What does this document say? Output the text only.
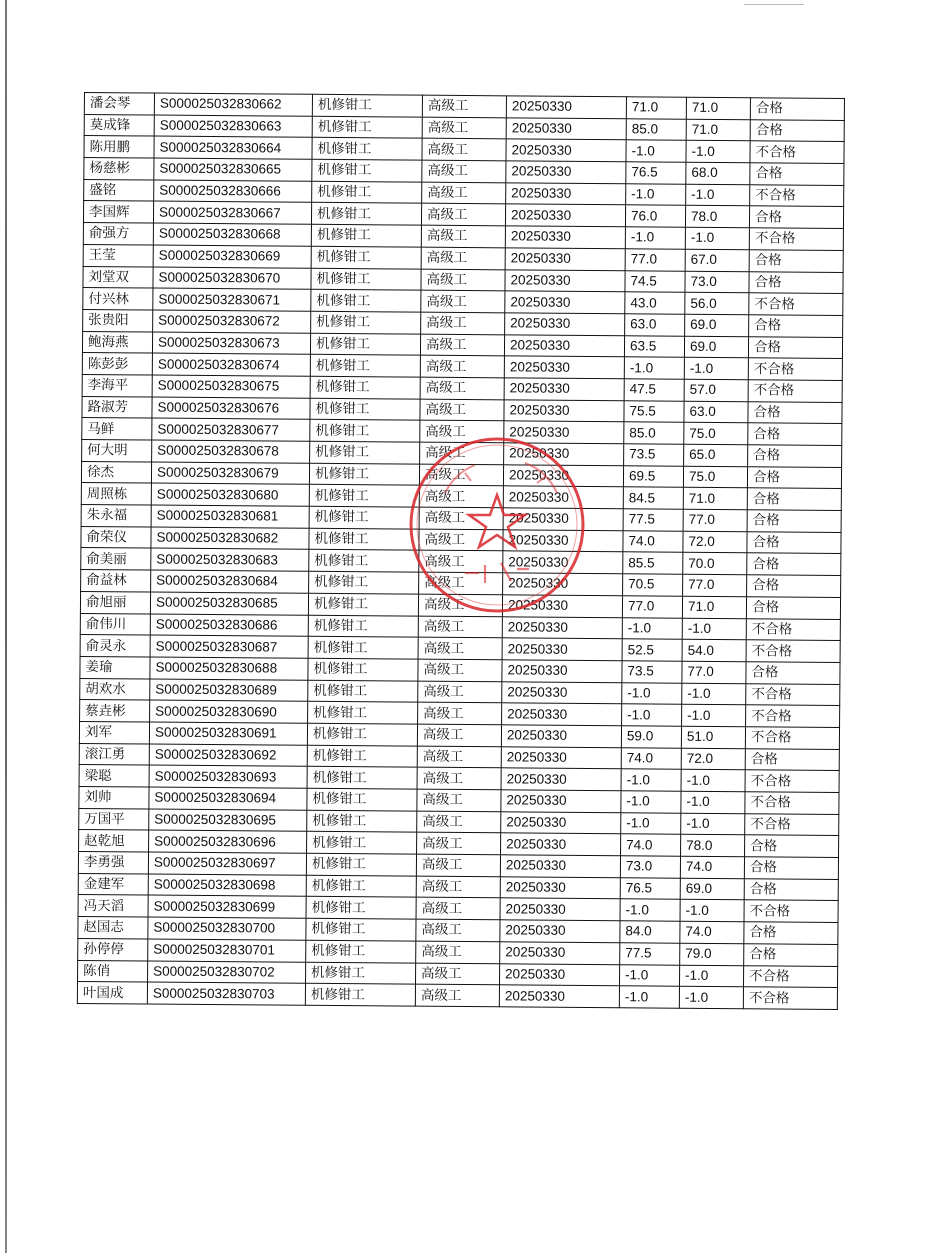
潘会琴	S000025032830662	机修钳工	高级工	20250330	71.0	71.0	合格
莫成锋	S000025032830663	机修钳工	高级工	20250330	85.0	71.0	合格
陈用鹏	S000025032830664	机修钳工	高级工	20250330	-1.0	-1.0	不合格
杨慈彬	S000025032830665	机修钳工	高级工	20250330	76.5	68.0	合格
盛铭	S000025032830666	机修钳工	高级工	20250330	-1.0	-1.0	不合格
李国辉	S000025032830667	机修钳工	高级工	20250330	76.0	78.0	合格
俞强方	S000025032830668	机修钳工	高级工	20250330	-1.0	-1.0	不合格
王莹	S000025032830669	机修钳工	高级工	20250330	77.0	67.0	合格
刘堂双	S000025032830670	机修钳工	高级工	20250330	74.5	73.0	合格
付兴林	S000025032830671	机修钳工	高级工	20250330	43.0	56.0	不合格
张贵阳	S000025032830672	机修钳工	高级工	20250330	63.0	69.0	合格
鲍海燕	S000025032830673	机修钳工	高级工	20250330	63.5	69.0	合格
陈彭彭	S000025032830674	机修钳工	高级工	20250330	-1.0	-1.0	不合格
李海平	S000025032830675	机修钳工	高级工	20250330	47.5	57.0	不合格
路淑芳	S000025032830676	机修钳工	高级工	20250330	75.5	63.0	合格
马鲜	S000025032830677	机修钳工	高级工	20250330	85.0	75.0	合格
何大明	S000025032830678	机修钳工	高级工	20250330	73.5	65.0	合格
徐杰	S000025032830679	机修钳工	高级工	20250330	69.5	75.0	合格
周照栋	S000025032830680	机修钳工	高级工	20250330	84.5	71.0	合格
朱永福	S000025032830681	机修钳工	高级工	20250330	77.5	77.0	合格
俞荣仪	S000025032830682	机修钳工	高级工	20250330	74.0	72.0	合格
俞美丽	S000025032830683	机修钳工	高级工	20250330	85.5	70.0	合格
俞益林	S000025032830684	机修钳工	高级工	20250330	70.5	77.0	合格
俞旭丽	S000025032830685	机修钳工	高级工	20250330	77.0	71.0	合格
俞伟川	S000025032830686	机修钳工	高级工	20250330	-1.0	-1.0	不合格
俞灵永	S000025032830687	机修钳工	高级工	20250330	52.5	54.0	不合格
姜瑜	S000025032830688	机修钳工	高级工	20250330	73.5	77.0	合格
胡欢水	S000025032830689	机修钳工	高级工	20250330	-1.0	-1.0	不合格
蔡垚彬	S000025032830690	机修钳工	高级工	20250330	-1.0	-1.0	不合格
刘军	S000025032830691	机修钳工	高级工	20250330	59.0	51.0	不合格
滚江勇	S000025032830692	机修钳工	高级工	20250330	74.0	72.0	合格
梁聪	S000025032830693	机修钳工	高级工	20250330	-1.0	-1.0	不合格
刘帅	S000025032830694	机修钳工	高级工	20250330	-1.0	-1.0	不合格
万国平	S000025032830695	机修钳工	高级工	20250330	-1.0	-1.0	不合格
赵乾旭	S000025032830696	机修钳工	高级工	20250330	74.0	78.0	合格
李勇强	S000025032830697	机修钳工	高级工	20250330	73.0	74.0	合格
金建军	S000025032830698	机修钳工	高级工	20250330	76.5	69.0	合格
冯天滔	S000025032830699	机修钳工	高级工	20250330	-1.0	-1.0	不合格
赵国志	S000025032830700	机修钳工	高级工	20250330	84.0	74.0	合格
孙停停	S000025032830701	机修钳工	高级工	20250330	77.5	79.0	合格
陈俏	S000025032830702	机修钳工	高级工	20250330	-1.0	-1.0	不合格
叶国成	S000025032830703	机修钳工	高级工	20250330	-1.0	-1.0	不合格
